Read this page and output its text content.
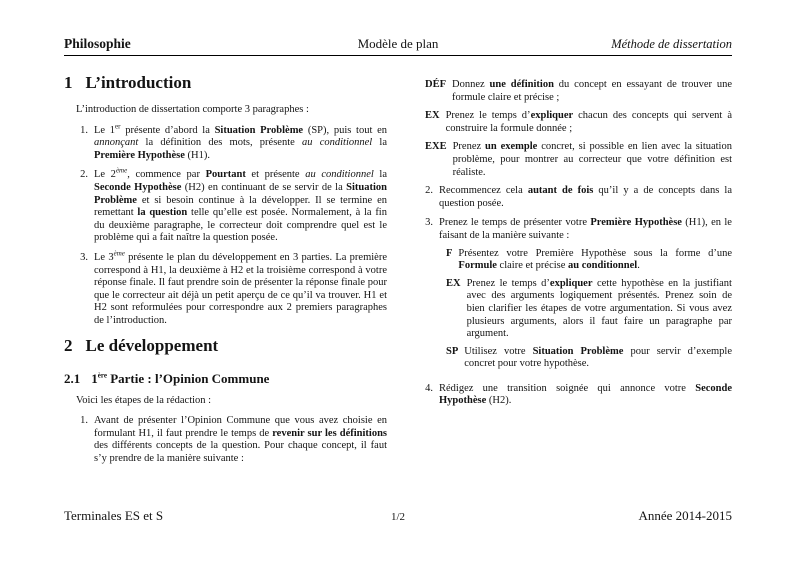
Philosophie	Modèle de plan	Méthode de dissertation
1 L’introduction

L’introduction de dissertation comporte 3 paragraphes :

1. Le 1er présente d’abord la Situation Problème (SP), puis tout en annonçant la définition des mots, présente au conditionnel la Première Hypothèse (H1).
2. Le 2ème, commence par Pourtant et présente au conditionnel la Seconde Hypothèse (H2) en continuant de se servir de la Situation Problème et si besoin continue à la développer. Il se termine en remettant la question telle qu’elle est posée. Normalement, à la fin du deuxième paragraphe, le correcteur doit comprendre quel est le problème qui a fait naître la question posée.
3. Le 3ème présente le plan du développement en 3 parties. La première correspond à H1, la deuxième à H2 et la troisième correspond à votre réponse finale. Il faut prendre soin de présenter la réponse finale pour que le correcteur ait déjà un petit aperçu de ce qu’il va trouver. H1 et H2 sont reformulées pour correspondre aux 2 premiers paragraphes de l’introduction.
2 Le développement
2.1 1ère Partie : l’Opinion Commune

Voici les étapes de la rédaction :

1. Avant de présenter l’Opinion Commune que vous avez choisie en formulant H1, il faut prendre le temps de revenir sur les définitions des différents concepts de la question. Pour chaque concept, il faut s’y prendre de la manière suivante :
DÉF Donnez une définition du concept en essayant de trouver une formule claire et précise ;
EX Prenez le temps d’expliquer chacun des concepts qui servent à construire la formule donnée ;
EXE Prenez un exemple concret, si possible en lien avec la situation problème, pour montrer au correcteur que votre définition est réaliste.
2. Recommencez cela autant de fois qu’il y a de concepts dans la question posée.
3. Prenez le temps de présenter votre Première Hypothèse (H1), en le faisant de la manière suivante :
F Présentez votre Première Hypothèse sous la forme d’une Formule claire et précise au conditionnel.
EX Prenez le temps d’expliquer cette hypothèse en la justifiant avec des arguments logiquement présentés. Prenez soin de bien clarifier les étapes de votre argumentation. Si vous avez plusieurs arguments, alors il faut faire un paragraphe par argument.
SP Utilisez votre Situation Problème pour servir d’exemple concret pour votre hypothèse.
4. Rédigez une transition soignée qui annonce votre Seconde Hypothèse (H2).
Terminales ES et S	1/2	Année 2014-2015
